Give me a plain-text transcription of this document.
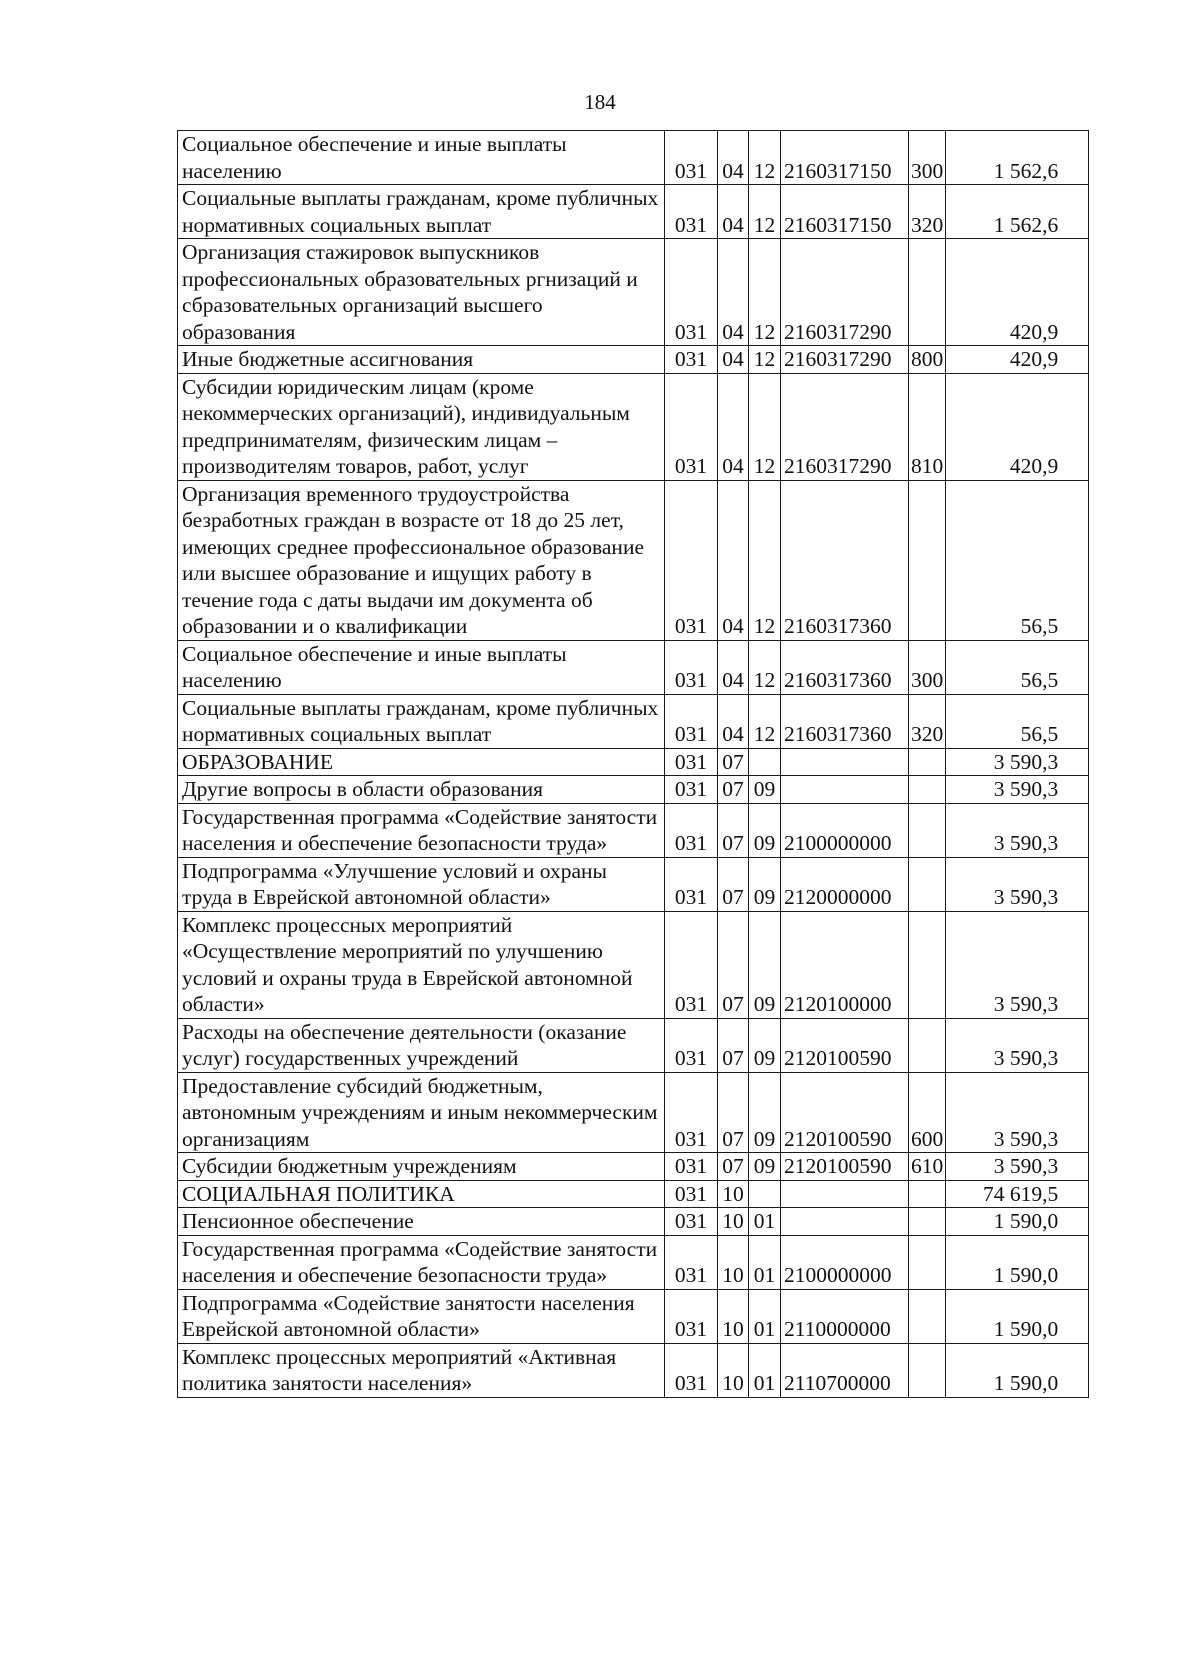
184
Социальное обеспечение и иные выплаты населению	031	04	12	2160317150	300	1 562,6
Социальные выплаты гражданам, кроме публичных нормативных социальных выплат	031	04	12	2160317150	320	1 562,6
Организация стажировок выпускников профессиональных образовательных ргнизаций и сбразовательных организаций высшего образования	031	04	12	2160317290		420,9
Иные бюджетные ассигнования	031	04	12	2160317290	800	420,9
Субсидии юридическим лицам (кроме некоммерческих организаций), индивидуальным предпринимателям, физическим лицам – производителям товаров, работ, услуг	031	04	12	2160317290	810	420,9
Организация временного трудоустройства безработных граждан в возрасте от 18 до 25 лет, имеющих среднее профессиональное образование или высшее образование и ищущих работу в течение года с даты выдачи им документа об образовании и о квалификации	031	04	12	2160317360		56,5
Социальное обеспечение и иные выплаты населению	031	04	12	2160317360	300	56,5
Социальные выплаты гражданам, кроме публичных нормативных социальных выплат	031	04	12	2160317360	320	56,5
ОБРАЗОВАНИЕ	031	07				3 590,3
Другие вопросы в области образования	031	07	09			3 590,3
Государственная программа «Содействие занятости населения и обеспечение безопасности труда»	031	07	09	2100000000		3 590,3
Подпрограмма «Улучшение условий и охраны труда в Еврейской автономной области»	031	07	09	2120000000		3 590,3
Комплекс процессных мероприятий «Осуществление мероприятий по улучшению условий и охраны труда в Еврейской автономной области»	031	07	09	2120100000		3 590,3
Расходы на обеспечение деятельности (оказание услуг) государственных учреждений	031	07	09	2120100590		3 590,3
Предоставление субсидий бюджетным, автономным учреждениям и иным некоммерческим организациям	031	07	09	2120100590	600	3 590,3
Субсидии бюджетным учреждениям	031	07	09	2120100590	610	3 590,3
СОЦИАЛЬНАЯ ПОЛИТИКА	031	10				74 619,5
Пенсионное обеспечение	031	10	01			1 590,0
Государственная программа «Содействие занятости населения и обеспечение безопасности труда»	031	10	01	2100000000		1 590,0
Подпрограмма «Содействие занятости населения Еврейской автономной области»	031	10	01	2110000000		1 590,0
Комплекс процессных мероприятий «Активная политика занятости населения»	031	10	01	2110700000		1 590,0
